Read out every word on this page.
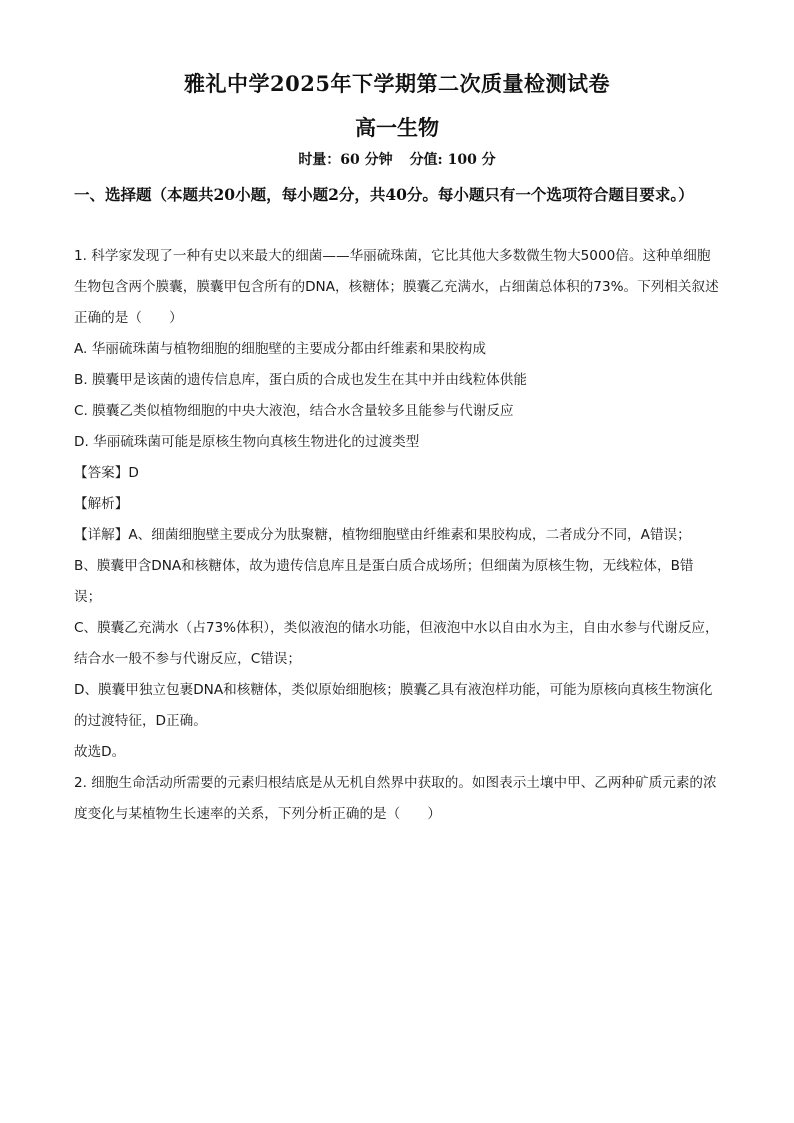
雅礼中学2025年下学期第二次质量检测试卷
高一生物
时量：60 分钟 分值: 100 分
一、选择题（本题共20小题，每小题2分，共40分。每小题只有一个选项符合题目要求。）

1. 科学家发现了一种有史以来最大的细菌——华丽硫珠菌，它比其他大多数微生物大5000倍。这种单细胞生物包含两个膜囊，膜囊甲包含所有的DNA，核糖体；膜囊乙充满水，占细菌总体积的73%。下列相关叙述正确的是（　　）

A. 华丽硫珠菌与植物细胞的细胞壁的主要成分都由纤维素和果胶构成

B. 膜囊甲是该菌的遗传信息库，蛋白质的合成也发生在其中并由线粒体供能

C. 膜囊乙类似植物细胞的中央大液泡，结合水含量较多且能参与代谢反应

D. 华丽硫珠菌可能是原核生物向真核生物进化的过渡类型

【答案】D

【解析】

【详解】A、细菌细胞壁主要成分为肽聚糖，植物细胞壁由纤维素和果胶构成，二者成分不同，A错误；

B、膜囊甲含DNA和核糖体，故为遗传信息库且是蛋白质合成场所；但细菌为原核生物，无线粒体，B错误；

C、膜囊乙充满水（占73%体积），类似液泡的储水功能，但液泡中水以自由水为主，自由水参与代谢反应，结合水一般不参与代谢反应，C错误；

D、膜囊甲独立包裹DNA和核糖体，类似原始细胞核；膜囊乙具有液泡样功能，可能为原核向真核生物演化的过渡特征，D正确。

故选D。

2. 细胞生命活动所需要的元素归根结底是从无机自然界中获取的。如图表示土壤中甲、乙两种矿质元素的浓度变化与某植物生长速率的关系，下列分析正确的是（　　）
